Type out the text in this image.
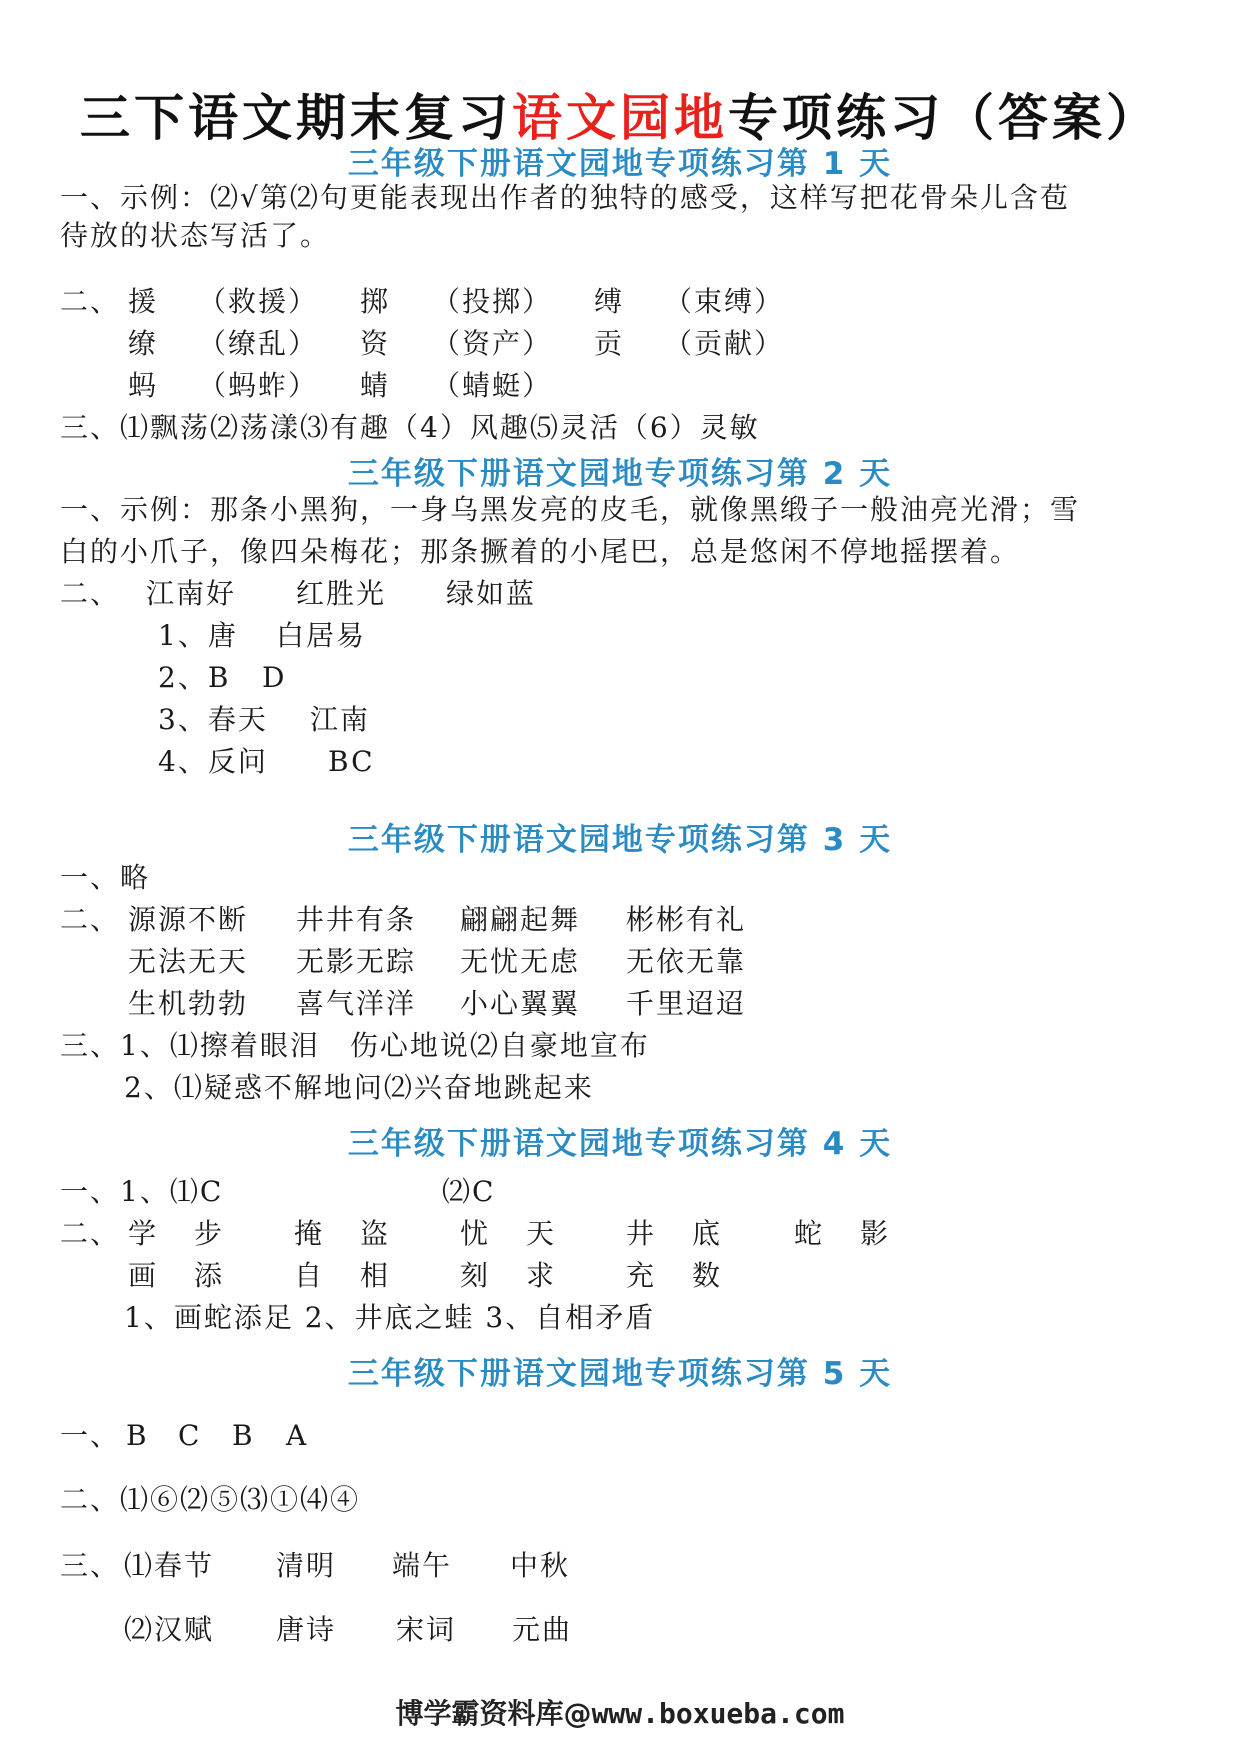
三下语文期末复习语文园地专项练习（答案）
三年级下册语文园地专项练习第 1 天
一、示例：⑵√第⑵句更能表现出作者的独特的感受，这样写把花骨朵儿含苞
待放的状态写活了。
二、 援 （救援） 掷 （投掷） 缚 （束缚）
缭 （缭乱） 资 （资产） 贡 （贡献）
蚂 （蚂蚱） 蜻 （蜻蜓）
三、⑴飘荡⑵荡漾⑶有趣（4）风趣⑸灵活（6）灵敏
三年级下册语文园地专项练习第 2 天
一、示例：那条小黑狗，一身乌黑发亮的皮毛，就像黑缎子一般油亮光滑；雪
白的小爪子，像四朵梅花；那条撅着的小尾巴，总是悠闲不停地摇摆着。
二、 江南好 红胜光 绿如蓝
1、唐 白居易
2、B D
3、春天 江南
4、反问 BC
三年级下册语文园地专项练习第 3 天
一、略
二、 源源不断 井井有条 翩翩起舞 彬彬有礼
无法无天 无影无踪 无忧无虑 无依无靠
生机勃勃 喜气洋洋 小心翼翼 千里迢迢
三、1、⑴擦着眼泪　伤心地说⑵自豪地宣布
2、⑴疑惑不解地问⑵兴奋地跳起来
三年级下册语文园地专项练习第 4 天
一、1、⑴C	⑵C
二、 学 步 掩 盗 忧 天 井 底	蛇 影
画 添 自 相 刻 求 充 数
1、画蛇添足 2、井底之蛙 3、自相矛盾
三年级下册语文园地专项练习第 5 天
一、 B C B A
二、⑴⑥⑵⑤⑶①⑷④
三、 ⑴春节 清明 端午 中秋
⑵汉赋 唐诗 宋词 元曲
博学霸资料库@www.boxueba.com
